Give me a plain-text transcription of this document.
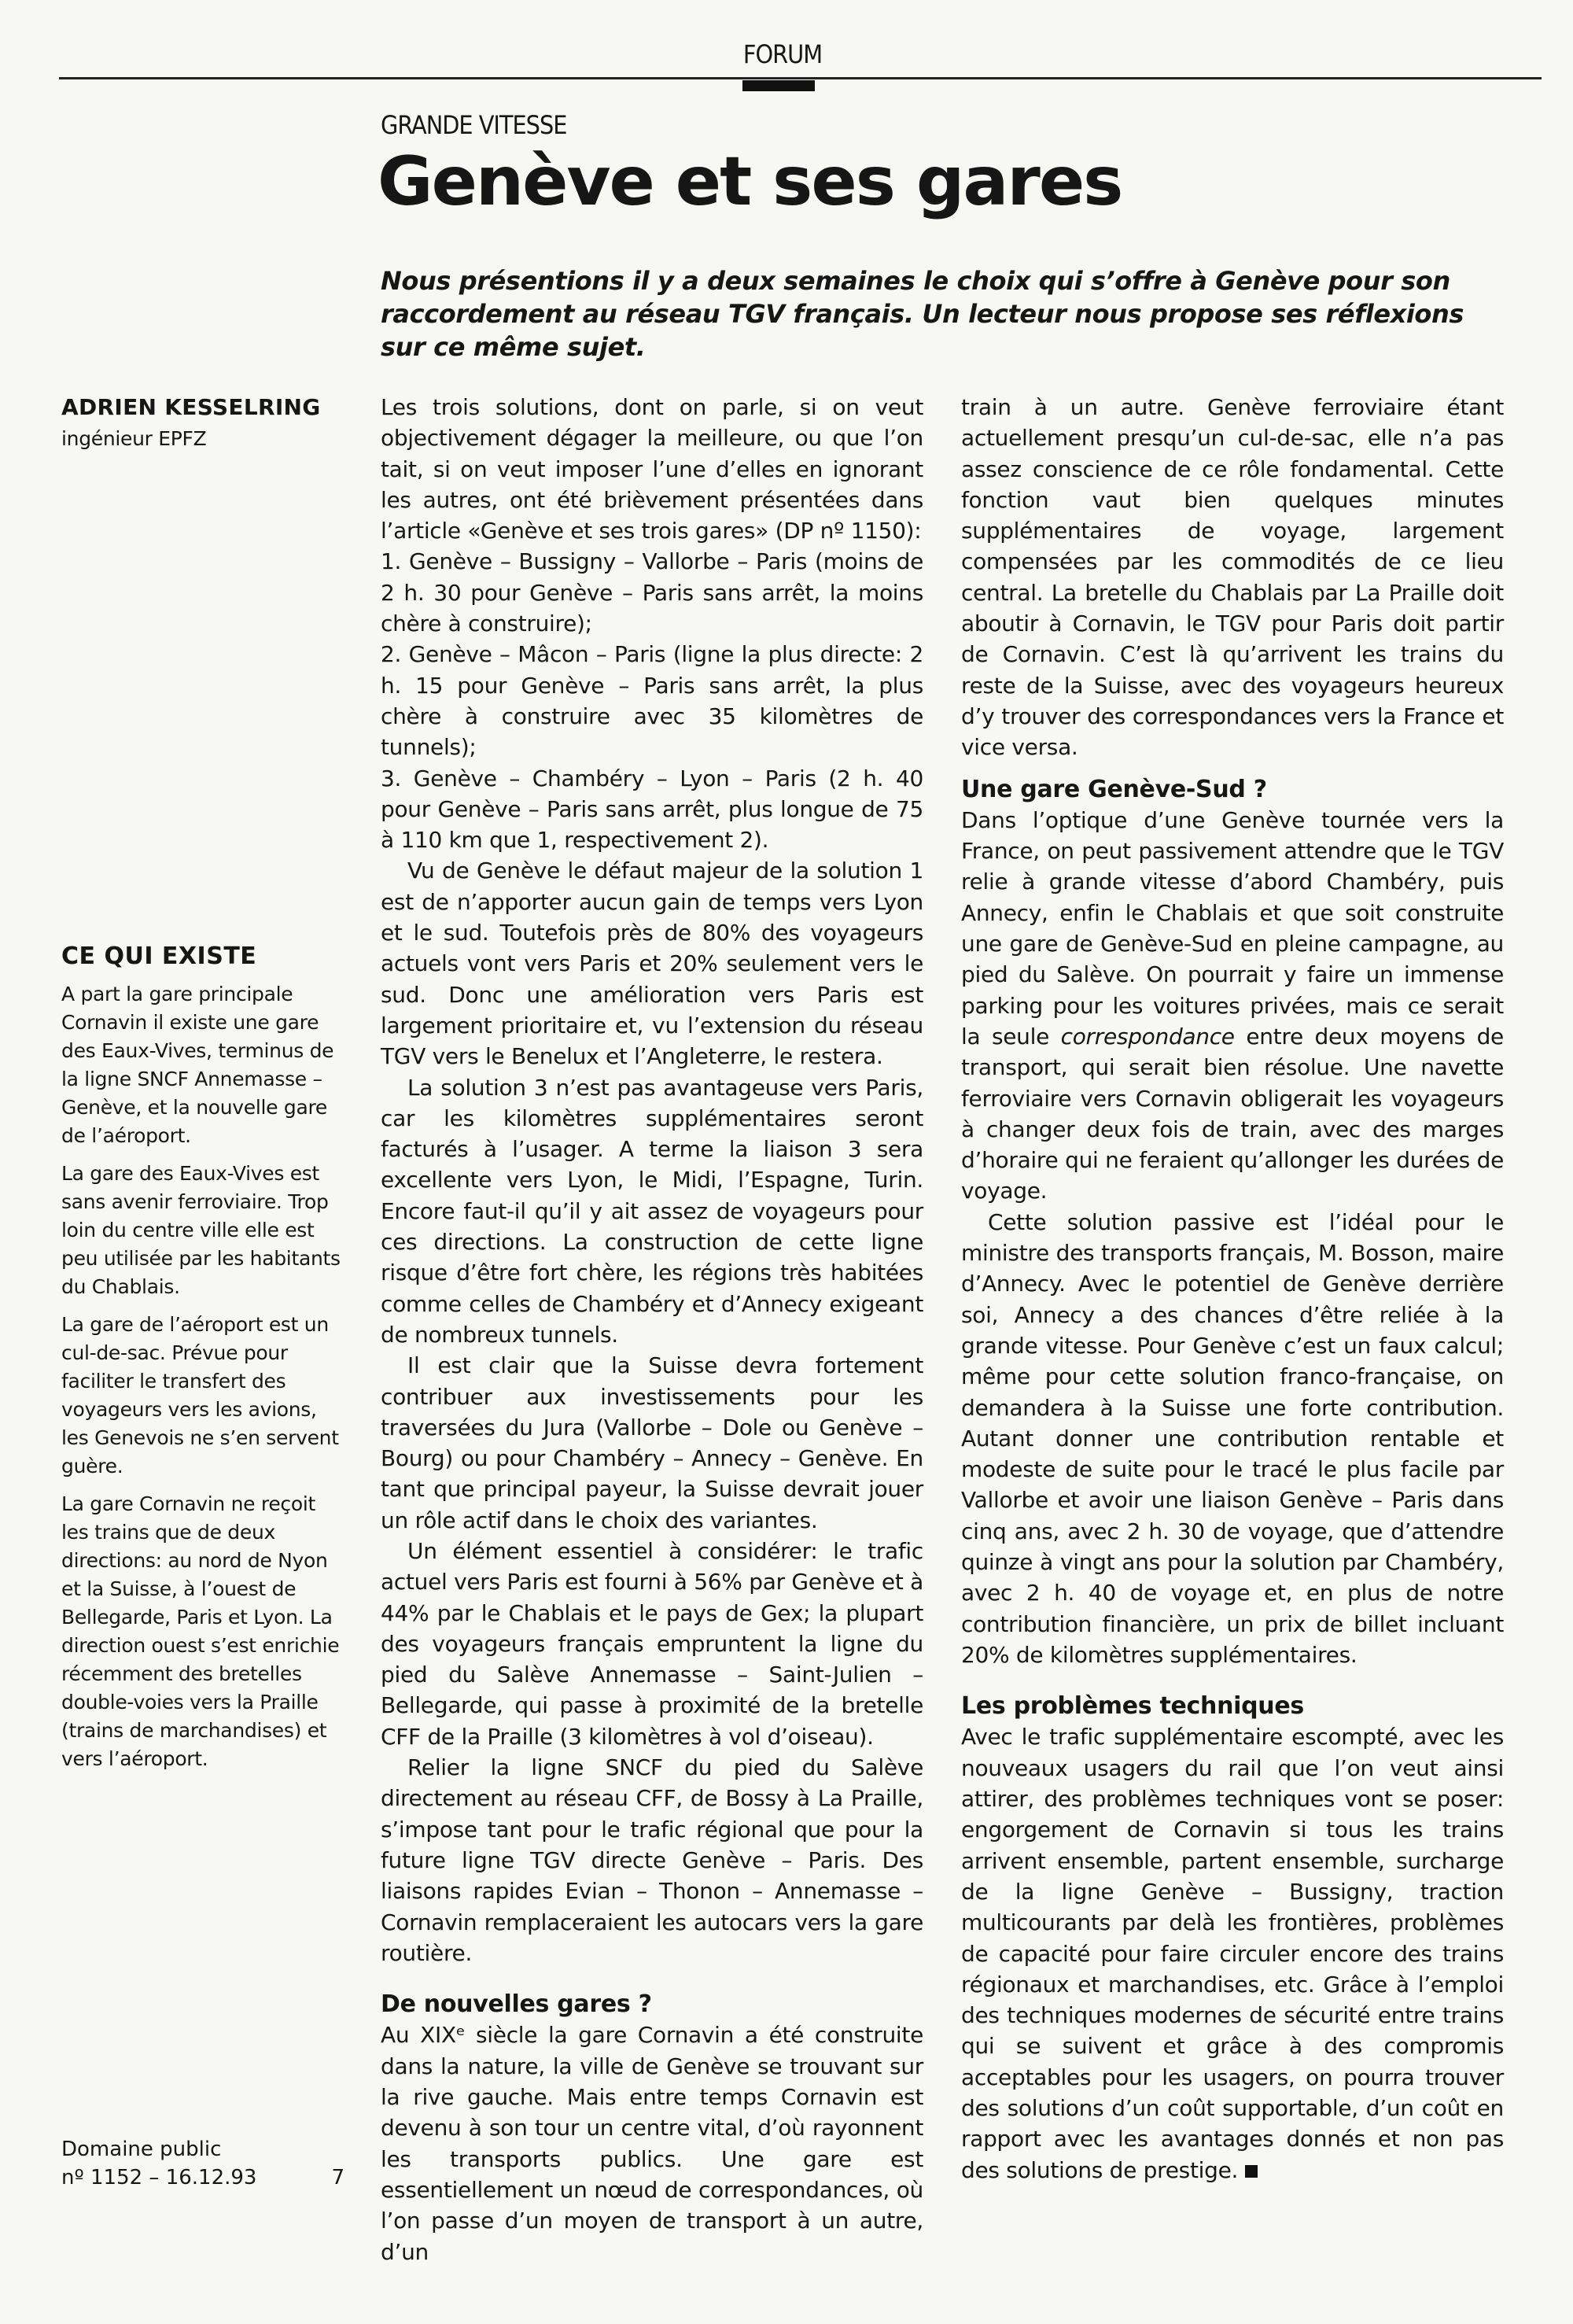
FORUM
GRANDE VITESSE
Genève et ses gares

Nous présentions il y a deux semaines le choix qui s’offre à Genève pour son raccordement au réseau TGV français. Un lecteur nous propose ses réflexions sur ce même sujet.

ADRIEN KESSELRING
ingénieur EPFZ
CE QUI EXISTE

A part la gare principale Cornavin il existe une gare des Eaux-Vives, terminus de la ligne SNCF Annemasse – Genève, et la nouvelle gare de l’aéroport.

La gare des Eaux-Vives est sans avenir ferroviaire. Trop loin du centre ville elle est peu utilisée par les habitants du Chablais.

La gare de l’aéroport est un cul-de-sac. Prévue pour faciliter le transfert des voyageurs vers les avions, les Genevois ne s’en servent guère.

La gare Cornavin ne reçoit les trains que de deux directions: au nord de Nyon et la Suisse, à l’ouest de Bellegarde, Paris et Lyon. La direction ouest s’est enrichie récemment des bretelles double-voies vers la Praille (trains de marchandises) et vers l’aéroport.

Domaine public
nº 1152 – 16.12.93	7

Les trois solutions, dont on parle, si on veut objectivement dégager la meilleure, ou que l’on tait, si on veut imposer l’une d’elles en ignorant les autres, ont été brièvement présentées dans l’article «Genève et ses trois gares» (DP nº 1150):

1. Genève – Bussigny – Vallorbe – Paris (moins de 2 h. 30 pour Genève – Paris sans arrêt, la moins chère à construire);

2. Genève – Mâcon – Paris (ligne la plus directe: 2 h. 15 pour Genève – Paris sans arrêt, la plus chère à construire avec 35 kilomètres de tunnels);

3. Genève – Chambéry – Lyon – Paris (2 h. 40 pour Genève – Paris sans arrêt, plus longue de 75 à 110 km que 1, respectivement 2).

Vu de Genève le défaut majeur de la solution 1 est de n’apporter aucun gain de temps vers Lyon et le sud. Toutefois près de 80% des voyageurs actuels vont vers Paris et 20% seulement vers le sud. Donc une amélioration vers Paris est largement prioritaire et, vu l’extension du réseau TGV vers le Benelux et l’Angleterre, le restera.

La solution 3 n’est pas avantageuse vers Paris, car les kilomètres supplémentaires seront facturés à l’usager. A terme la liaison 3 sera excellente vers Lyon, le Midi, l’Espagne, Turin. Encore faut-il qu’il y ait assez de voyageurs pour ces directions. La construction de cette ligne risque d’être fort chère, les régions très habitées comme celles de Chambéry et d’Annecy exigeant de nombreux tunnels.

Il est clair que la Suisse devra fortement contribuer aux investissements pour les traversées du Jura (Vallorbe – Dole ou Genève – Bourg) ou pour Chambéry – Annecy – Genève. En tant que principal payeur, la Suisse devrait jouer un rôle actif dans le choix des variantes.

Un élément essentiel à considérer: le trafic actuel vers Paris est fourni à 56% par Genève et à 44% par le Chablais et le pays de Gex; la plupart des voyageurs français empruntent la ligne du pied du Salève Annemasse – Saint-Julien – Bellegarde, qui passe à proximité de la bretelle CFF de la Praille (3 kilomètres à vol d’oiseau).

Relier la ligne SNCF du pied du Salève directement au réseau CFF, de Bossy à La Praille, s’impose tant pour le trafic régional que pour la future ligne TGV directe Genève – Paris. Des liaisons rapides Evian – Thonon – Annemasse – Cornavin remplaceraient les autocars vers la gare routière.

De nouvelles gares ?

Au XIXᵉ siècle la gare Cornavin a été construite dans la nature, la ville de Genève se trouvant sur la rive gauche. Mais entre temps Cornavin est devenu à son tour un centre vital, d’où rayonnent les transports publics. Une gare est essentiellement un nœud de correspondances, où l’on passe d’un moyen de transport à un autre, d’un

train à un autre. Genève ferroviaire étant actuellement presqu’un cul-de-sac, elle n’a pas assez conscience de ce rôle fondamental. Cette fonction vaut bien quelques minutes supplémentaires de voyage, largement compensées par les commodités de ce lieu central. La bretelle du Chablais par La Praille doit aboutir à Cornavin, le TGV pour Paris doit partir de Cornavin. C’est là qu’arrivent les trains du reste de la Suisse, avec des voyageurs heureux d’y trouver des correspondances vers la France et vice versa.

Une gare Genève-Sud ?

Dans l’optique d’une Genève tournée vers la France, on peut passivement attendre que le TGV relie à grande vitesse d’abord Chambéry, puis Annecy, enfin le Chablais et que soit construite une gare de Genève-Sud en pleine campagne, au pied du Salève. On pourrait y faire un immense parking pour les voitures privées, mais ce serait la seule correspondance entre deux moyens de transport, qui serait bien résolue. Une navette ferroviaire vers Cornavin obligerait les voyageurs à changer deux fois de train, avec des marges d’horaire qui ne feraient qu’allonger les durées de voyage.

Cette solution passive est l’idéal pour le ministre des transports français, M. Bosson, maire d’Annecy. Avec le potentiel de Genève derrière soi, Annecy a des chances d’être reliée à la grande vitesse. Pour Genève c’est un faux calcul; même pour cette solution franco-française, on demandera à la Suisse une forte contribution. Autant donner une contribution rentable et modeste de suite pour le tracé le plus facile par Vallorbe et avoir une liaison Genève – Paris dans cinq ans, avec 2 h. 30 de voyage, que d’attendre quinze à vingt ans pour la solution par Chambéry, avec 2 h. 40 de voyage et, en plus de notre contribution financière, un prix de billet incluant 20% de kilomètres supplémentaires.

Les problèmes techniques

Avec le trafic supplémentaire escompté, avec les nouveaux usagers du rail que l’on veut ainsi attirer, des problèmes techniques vont se poser: engorgement de Cornavin si tous les trains arrivent ensemble, partent ensemble, surcharge de la ligne Genève – Bussigny, traction multicourants par delà les frontières, problèmes de capacité pour faire circuler encore des trains régionaux et marchandises, etc. Grâce à l’emploi des techniques modernes de sécurité entre trains qui se suivent et grâce à des compromis acceptables pour les usagers, on pourra trouver des solutions d’un coût supportable, d’un coût en rapport avec les avantages donnés et non pas des solutions de prestige.
